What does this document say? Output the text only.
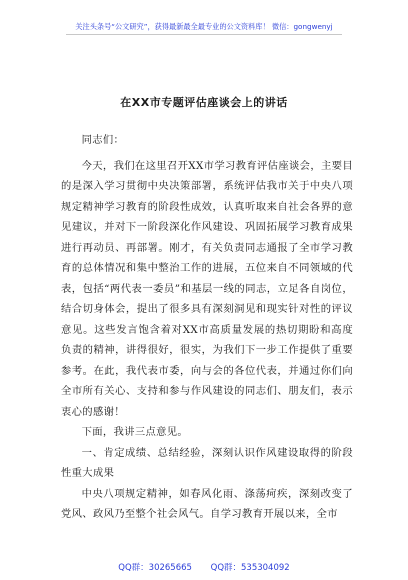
关注头条号“公文研究”，获得最新最全最专业的公文资料库！ 微信：gongwenyj
在XX市专题评估座谈会上的讲话

同志们：

今天，我们在这里召开XX市学习教育评估座谈会，主要目的是深入学习贯彻中央决策部署，系统评估我市关于中央八项规定精神学习教育的阶段性成效，认真听取来自社会各界的意见建议，并对下一阶段深化作风建设、巩固拓展学习教育成果进行再动员、再部署。刚才，有关负责同志通报了全市学习教育的总体情况和集中整治工作的进展，五位来自不同领域的代表，包括“两代表一委员”和基层一线的同志，立足各自岗位，结合切身体会，提出了很多具有深刻洞见和现实针对性的评议意见。这些发言饱含着对XX市高质量发展的热切期盼和高度负责的精神，讲得很好，很实，为我们下一步工作提供了重要参考。在此，我代表市委，向与会的各位代表，并通过你们向全市所有关心、支持和参与作风建设的同志们、朋友们，表示衷心的感谢！

下面，我讲三点意见。

一、肯定成绩、总结经验，深刻认识作风建设取得的阶段性重大成果

中央八项规定精神，如春风化雨、涤荡疴疾，深刻改变了党风、政风乃至整个社会风气。自学习教育开展以来，全市

QQ群：30265665 QQ群：535304092
